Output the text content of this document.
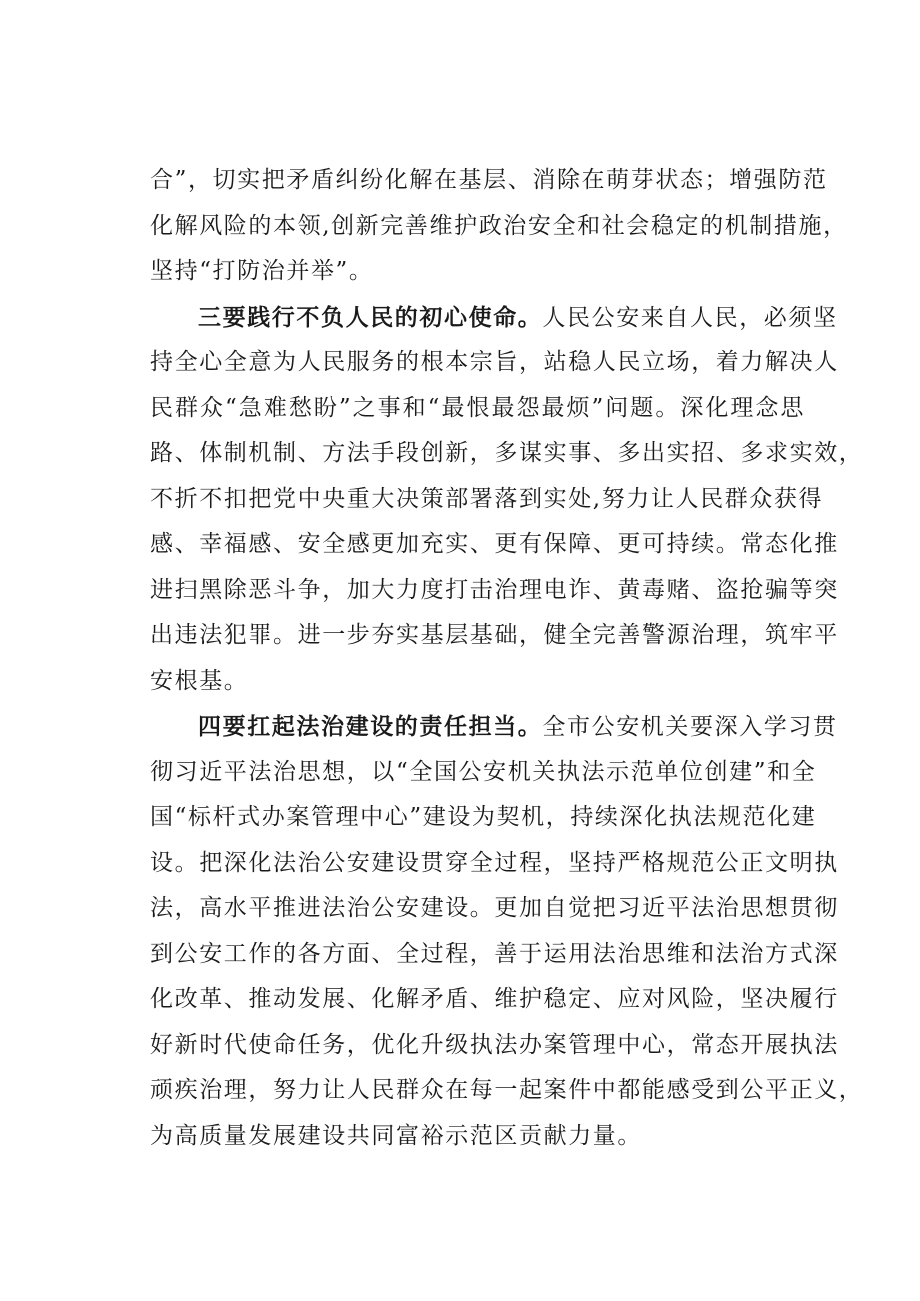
合”，切实把矛盾纠纷化解在基层、消除在萌芽状态；增强防范
化解风险的本领,创新完善维护政治安全和社会稳定的机制措施，
坚持“打防治并举”。
三要践行不负人民的初心使命。人民公安来自人民，必须坚
持全心全意为人民服务的根本宗旨，站稳人民立场，着力解决人
民群众“急难愁盼”之事和“最恨最怨最烦”问题。深化理念思
路、体制机制、方法手段创新，多谋实事、多出实招、多求实效，
不折不扣把党中央重大决策部署落到实处,努力让人民群众获得
感、幸福感、安全感更加充实、更有保障、更可持续。常态化推
进扫黑除恶斗争，加大力度打击治理电诈、黄毒赌、盗抢骗等突
出违法犯罪。进一步夯实基层基础，健全完善警源治理，筑牢平
安根基。
四要扛起法治建设的责任担当。全市公安机关要深入学习贯
彻习近平法治思想，以“全国公安机关执法示范单位创建”和全
国“标杆式办案管理中心”建设为契机，持续深化执法规范化建
设。把深化法治公安建设贯穿全过程，坚持严格规范公正文明执
法，高水平推进法治公安建设。更加自觉把习近平法治思想贯彻
到公安工作的各方面、全过程，善于运用法治思维和法治方式深
化改革、推动发展、化解矛盾、维护稳定、应对风险，坚决履行
好新时代使命任务，优化升级执法办案管理中心，常态开展执法
顽疾治理，努力让人民群众在每一起案件中都能感受到公平正义，
为高质量发展建设共同富裕示范区贡献力量。
